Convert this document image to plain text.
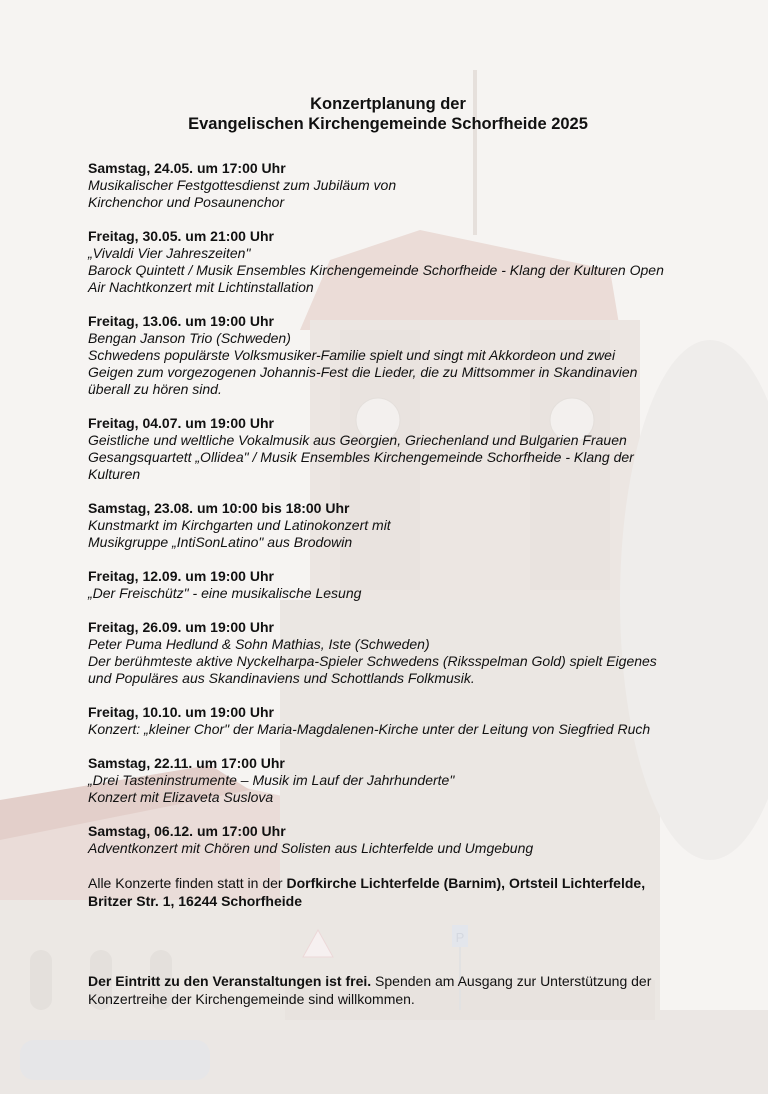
P
Konzertplanung der
Evangelischen Kirchengemeinde Schorfheide 2025
Samstag, 24.05. um 17:00 Uhr
Musikalischer Festgottesdienst zum Jubiläum von
Kirchenchor und Posaunenchor
Freitag, 30.05. um 21:00 Uhr
„Vivaldi Vier Jahreszeiten"
Barock Quintett / Musik Ensembles Kirchengemeinde Schorfheide - Klang der Kulturen Open
Air Nachtkonzert mit Lichtinstallation
Freitag, 13.06. um 19:00 Uhr
Bengan Janson Trio (Schweden)
Schwedens populärste Volksmusiker-Familie spielt und singt mit Akkordeon und zwei
Geigen zum vorgezogenen Johannis-Fest die Lieder, die zu Mittsommer in Skandinavien
überall zu hören sind.
Freitag, 04.07. um 19:00 Uhr
Geistliche und weltliche Vokalmusik aus Georgien, Griechenland und Bulgarien Frauen
Gesangsquartett „Ollidea" / Musik Ensembles Kirchengemeinde Schorfheide - Klang der
Kulturen
Samstag, 23.08. um 10:00 bis 18:00 Uhr
Kunstmarkt im Kirchgarten und Latinokonzert mit
Musikgruppe „IntiSonLatino" aus Brodowin
Freitag, 12.09. um 19:00 Uhr
„Der Freischütz" - eine musikalische Lesung
Freitag, 26.09. um 19:00 Uhr
Peter Puma Hedlund & Sohn Mathias, Iste (Schweden)
Der berühmteste aktive Nyckelharpa-Spieler Schwedens (Riksspelman Gold) spielt Eigenes
und Populäres aus Skandinaviens und Schottlands Folkmusik.
Freitag, 10.10. um 19:00 Uhr
Konzert: „kleiner Chor" der Maria-Magdalenen-Kirche unter der Leitung von Siegfried Ruch
Samstag, 22.11. um 17:00 Uhr
„Drei Tasteninstrumente – Musik im Lauf der Jahrhunderte"
Konzert mit Elizaveta Suslova
Samstag, 06.12. um 17:00 Uhr
Adventkonzert mit Chören und Solisten aus Lichterfelde und Umgebung
Alle Konzerte finden statt in der Dorfkirche Lichterfelde (Barnim), Ortsteil Lichterfelde,
Britzer Str. 1, 16244 Schorfheide
Der Eintritt zu den Veranstaltungen ist frei. Spenden am Ausgang zur Unterstützung der
Konzertreihe der Kirchengemeinde sind willkommen.
